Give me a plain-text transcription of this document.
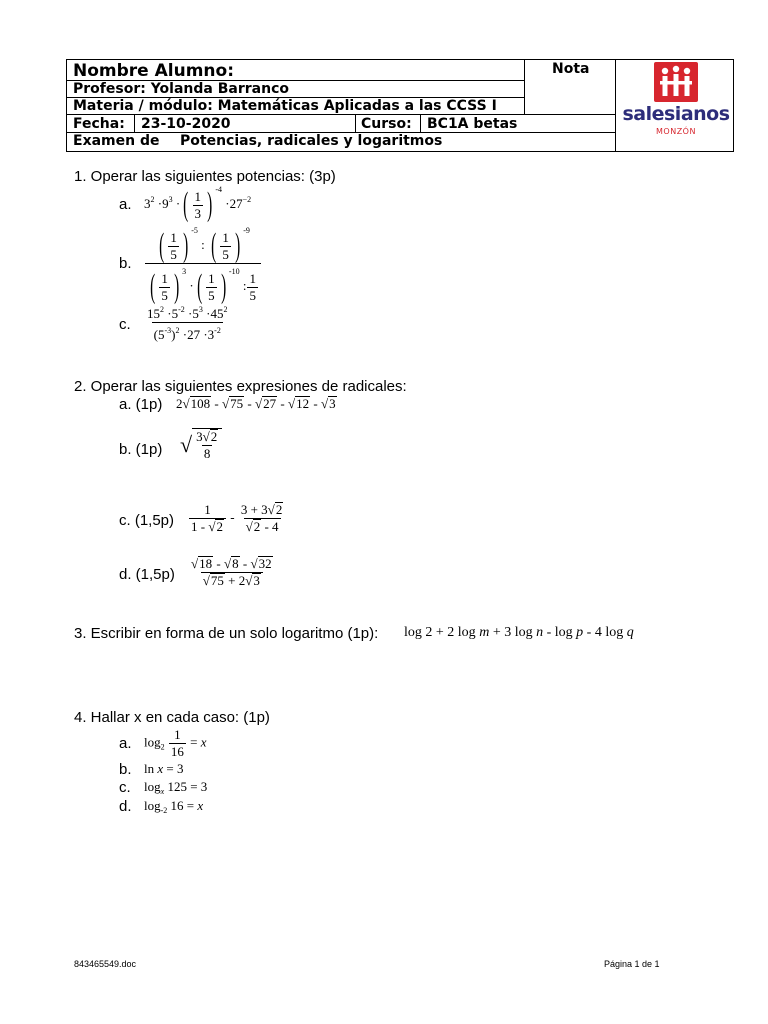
Nombre Alumno:	Nota
Profesor: Yolanda Barranco
Materia / módulo: Matemáticas Aplicadas a las CCSS I
Fecha: 23-10-2020	Curso: BC1A betas
Examen de Potencias, radicales y logaritmos
salesianos
MONZÓN
1. Operar las siguientes potencias: (3p)
a. $3^2 \cdot 9^3$ · ( 1
3 ) $^{-4} \cdot 27^{-2}$
b. ( 1
5 ) $^{-5}$ : ( 1
5 ) $^{-9}$
( 1
5 ) $^3$ · ( 1
5 ) $^{-10}$ : $\frac{1}{5}$
c. $\frac{15^2 \cdot 5^{-2} \cdot 5^3 \cdot 45^2}{(5^{-3})^2 \cdot 27 \cdot 3^{-2}}$
2. Operar las siguientes expresiones de radicales:
a. (1p) 2√108 - √75 - √27 - √12 - √3
b. (1p) √ $\frac{3√2}{8}$
c. $(1,5p) \frac{1}{1 - √2} - \frac{3 + 3√2}{√2 - 4}$
d. $(1,5p) \frac{√18 - √8 - √32}{√75 + 2√3}$
3. Escribir en forma de un solo logaritmo (1p): log 2 + 2 log m + 3 log n - log p - 4 log q
4. Hallar x en cada caso: (1p)
a. $\log_2 \frac{1}{16} = x$
b. ln x = 3
c. $\log_x 125 = 3$
d. $\log_{-2} 16 = x$
843465549.doc	Página 1 de 1
